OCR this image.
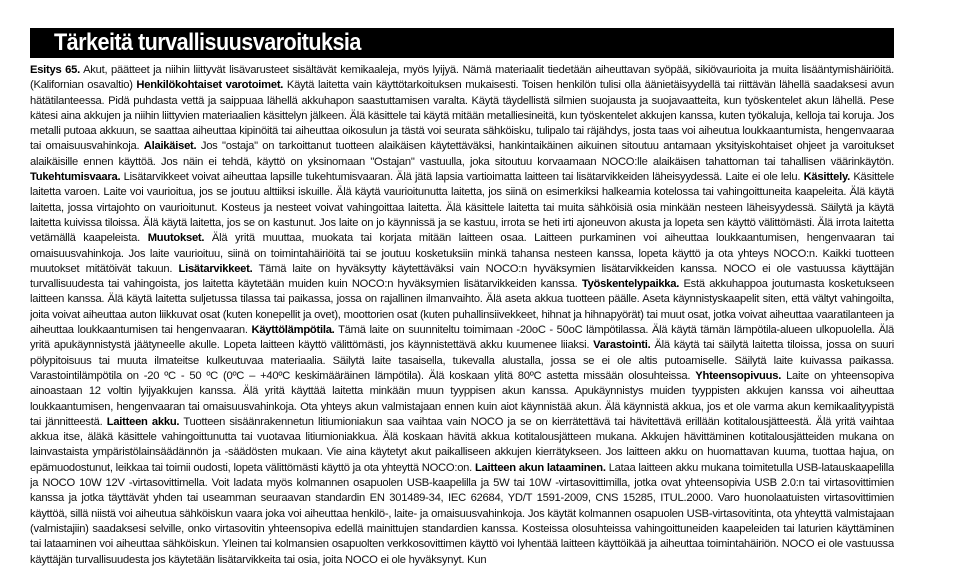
Tärkeitä turvallisuusvaroituksia
Esitys 65. Akut, päätteet ja niihin liittyvät lisävarusteet sisältävät kemikaaleja, myös lyijyä. Nämä materiaalit tiedetään aiheuttavan syöpää, sikiövaurioita ja muita lisääntymishäiriöitä. (Kalifornian osavaltio) Henkilökohtaiset varotoimet. Käytä laitetta vain käyttötarkoituksen mukaisesti. Toisen henkilön tulisi olla äänietäisyydellä tai riittävän lähellä saadaksesi avun hätätilanteessa. Pidä puhdasta vettä ja saippuaa lähellä akkuhapon saastuttamisen varalta. Käytä täydellistä silmien suojausta ja suojavaatteita, kun työskentelet akun lähellä. Pese kätesi aina akkujen ja niihin liittyvien materiaalien käsittelyn jälkeen. Älä käsittele tai käytä mitään metalliesineitä, kun työskentelet akkujen kanssa, kuten työkaluja, kelloja tai koruja. Jos metalli putoaa akkuun, se saattaa aiheuttaa kipinöitä tai aiheuttaa oikosulun ja tästä voi seurata sähköisku, tulipalo tai räjähdys, josta taas voi aiheutua loukkaantumista, hengenvaaraa tai omaisuusvahinkoja. Alaikäiset. Jos "ostaja" on tarkoittanut tuotteen alaikäisen käytettäväksi, hankintaikäinen aikuinen sitoutuu antamaan yksityiskohtaiset ohjeet ja varoitukset alaikäisille ennen käyttöä. Jos näin ei tehdä, käyttö on yksinomaan "Ostajan" vastuulla, joka sitoutuu korvaamaan NOCO:lle alaikäisen tahattoman tai tahallisen väärinkäytön. Tukehtumisvaara. Lisätarvikkeet voivat aiheuttaa lapsille tukehtumisvaaran. Älä jätä lapsia vartioimatta laitteen tai lisätarvikkeiden läheisyydessä. Laite ei ole lelu. Käsittely. Käsittele laitetta varoen. Laite voi vaurioitua, jos se joutuu alttiiksi iskuille. Älä käytä vaurioitunutta laitetta, jos siinä on esimerkiksi halkeamia kotelossa tai vahingoittuneita kaapeleita. Älä käytä laitetta, jossa virtajohto on vaurioitunut. Kosteus ja nesteet voivat vahingoittaa laitetta. Älä käsittele laitetta tai muita sähköisiä osia minkään nesteen läheisyydessä. Säilytä ja käytä laitetta kuivissa tiloissa. Älä käytä laitetta, jos se on kastunut. Jos laite on jo käynnissä ja se kastuu, irrota se heti irti ajoneuvon akusta ja lopeta sen käyttö välittömästi. Älä irrota laitetta vetämällä kaapeleista. Muutokset. Älä yritä muuttaa, muokata tai korjata mitään laitteen osaa. Laitteen purkaminen voi aiheuttaa loukkaantumisen, hengenvaaran tai omaisuusvahinkoja. Jos laite vaurioituu, siinä on toimintahäiriöitä tai se joutuu kosketuksiin minkä tahansa nesteen kanssa, lopeta käyttö ja ota yhteys NOCO:n. Kaikki tuotteen muutokset mitätöivät takuun. Lisätarvikkeet. Tämä laite on hyväksytty käytettäväksi vain NOCO:n hyväksymien lisätarvikkeiden kanssa. NOCO ei ole vastuussa käyttäjän turvallisuudesta tai vahingoista, jos laitetta käytetään muiden kuin NOCO:n hyväksymien lisätarvikkeiden kanssa. Työskentelypaikka. Estä akkuhappoa joutumasta kosketukseen laitteen kanssa. Älä käytä laitetta suljetussa tilassa tai paikassa, jossa on rajallinen ilmanvaihto. Älä aseta akkua tuotteen päälle. Aseta käynnistyskaapelit siten, että vältyt vahingoilta, joita voivat aiheuttaa auton liikkuvat osat (kuten konepellit ja ovet), moottorien osat (kuten puhallinsiivekkeet, hihnat ja hihnapyörät) tai muut osat, jotka voivat aiheuttaa vaaratilanteen ja aiheuttaa loukkaantumisen tai hengenvaaran. Käyttölämpötila. Tämä laite on suunniteltu toimimaan -20oC - 50oC lämpötilassa. Älä käytä tämän lämpötila-alueen ulkopuolella. Älä yritä apukäynnistystä jäätyneelle akulle. Lopeta laitteen käyttö välittömästi, jos käynnistettävä akku kuumenee liiaksi. Varastointi. Älä käytä tai säilytä laitetta tiloissa, jossa on suuri pölypitoisuus tai muuta ilmateitse kulkeutuvaa materiaalia. Säilytä laite tasaisella, tukevalla alustalla, jossa se ei ole altis putoamiselle. Säilytä laite kuivassa paikassa. Varastointilämpötila on -20 ºC - 50 ºC (0ºC – +40ºC keskimääräinen lämpötila). Älä koskaan ylitä 80ºC astetta missään olosuhteissa. Yhteensopivuus. Laite on yhteensopiva ainoastaan 12 voltin lyijyakkujen kanssa. Älä yritä käyttää laitetta minkään muun tyyppisen akun kanssa. Apukäynnistys muiden tyyppisten akkujen kanssa voi aiheuttaa loukkaantumisen, hengenvaaran tai omaisuusvahinkoja. Ota yhteys akun valmistajaan ennen kuin aiot käynnistää akun. Älä käynnistä akkua, jos et ole varma akun kemikaalityypistä tai jännitteestä. Laitteen akku. Tuotteen sisäänrakennetun litiumioniakun saa vaihtaa vain NOCO ja se on kierrätettävä tai hävitettävä erillään kotitalousjätteestä. Älä yritä vaihtaa akkua itse, äläkä käsittele vahingoittunutta tai vuotavaa litiumioniakkua. Älä koskaan hävitä akkua kotitalousjätteen mukana. Akkujen hävittäminen kotitalousjätteiden mukana on lainvastaista ympäristölainsäädännön ja -säädösten mukaan. Vie aina käytetyt akut paikalliseen akkujen kierrätykseen. Jos laitteen akku on huomattavan kuuma, tuottaa hajua, on epämuodostunut, leikkaa tai toimii oudosti, lopeta välittömästi käyttö ja ota yhteyttä NOCO:on. Laitteen akun lataaminen. Lataa laitteen akku mukana toimitetulla USB-latauskaapelilla ja NOCO 10W 12V -virtasovittimella. Voit ladata myös kolmannen osapuolen USB-kaapelilla ja 5W tai 10W -virtasovittimilla, jotka ovat yhteensopivia USB 2.0:n tai virtasovittimien kanssa ja jotka täyttävät yhden tai useamman seuraavan standardin EN 301489-34, IEC 62684, YD/T 1591-2009, CNS 15285, ITUL.2000. Varo huonolaatuisten virtasovittimien käyttöä, sillä niistä voi aiheutua sähköiskun vaara joka voi aiheuttaa henkilö-, laite- ja omaisuusvahinkoja. Jos käytät kolmannen osapuolen USB-virtasovitinta, ota yhteyttä valmistajaan (valmistajiin) saadaksesi selville, onko virtasovitin yhteensopiva edellä mainittujen standardien kanssa. Kosteissa olosuhteissa vahingoittuneiden kaapeleiden tai laturien käyttäminen tai lataaminen voi aiheuttaa sähköiskun. Yleinen tai kolmansien osapuolten verkkosovittimen käyttö voi lyhentää laitteen käyttöikää ja aiheuttaa toimintahäiriön. NOCO ei ole vastuussa käyttäjän turvallisuudesta jos käytetään lisätarvikkeita tai osia, joita NOCO ei ole hyväksynyt. Kun
